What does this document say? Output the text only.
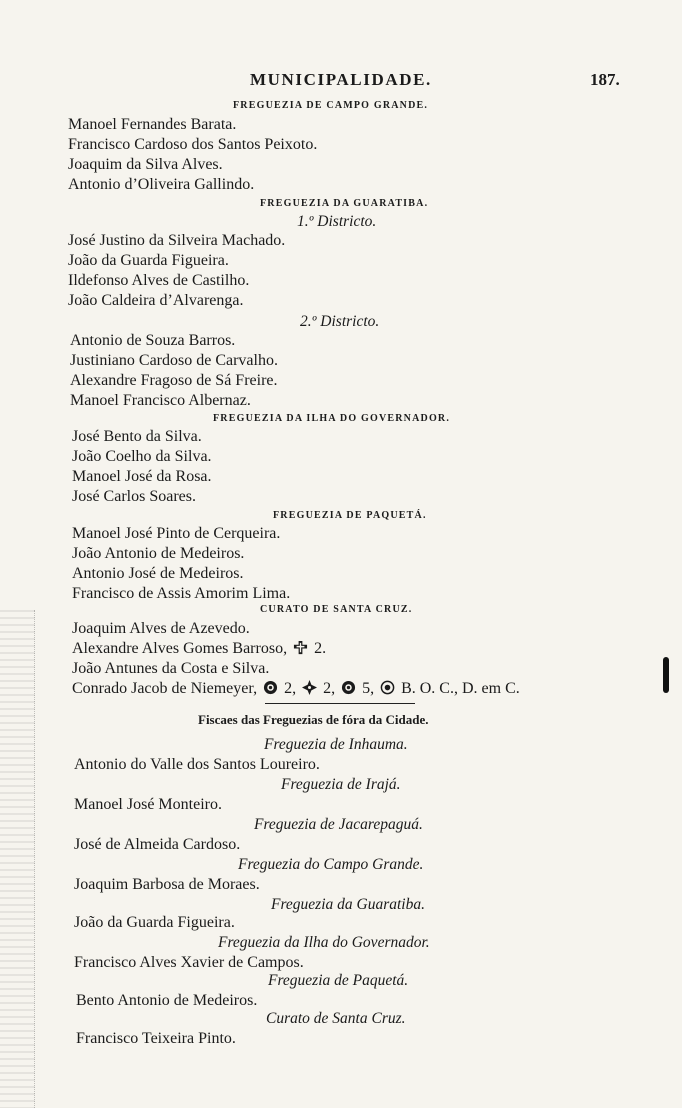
MUNICIPALIDADE.	187.
FREGUEZIA DE CAMPO GRANDE.
Manoel Fernandes Barata.
Francisco Cardoso dos Santos Peixoto.
Joaquim da Silva Alves.
Antonio d’Oliveira Gallindo.
FREGUEZIA DA GUARATIBA.
1.º Districto.
José Justino da Silveira Machado.
João da Guarda Figueira.
Ildefonso Alves de Castilho.
João Caldeira d’Alvarenga.
2.º Districto.
Antonio de Souza Barros.
Justiniano Cardoso de Carvalho.
Alexandre Fragoso de Sá Freire.
Manoel Francisco Albernaz.
FREGUEZIA DA ILHA DO GOVERNADOR.
José Bento da Silva.
João Coelho da Silva.
Manoel José da Rosa.
José Carlos Soares.
FREGUEZIA DE PAQUETÁ.
Manoel José Pinto de Cerqueira.
João Antonio de Medeiros.
Antonio José de Medeiros.
Francisco de Assis Amorim Lima.
CURATO DE SANTA CRUZ.
Joaquim Alves de Azevedo.
Alexandre Alves Gomes Barroso, 2.
João Antunes da Costa e Silva.
Conrado Jacob de Niemeyer, 2, 2, 5, B. O. C., D. em C.
Fiscaes das Freguezias de fóra da Cidade.
Freguezia de Inhauma.
Antonio do Valle dos Santos Loureiro.
Freguezia de Irajá.
Manoel José Monteiro.
Freguezia de Jacarepaguá.
José de Almeida Cardoso.
Freguezia do Campo Grande.
Joaquim Barbosa de Moraes.
Freguezia da Guaratiba.
João da Guarda Figueira.
Freguezia da Ilha do Governador.
Francisco Alves Xavier de Campos.
Freguezia de Paquetá.
Bento Antonio de Medeiros.
Curato de Santa Cruz.
Francisco Teixeira Pinto.
